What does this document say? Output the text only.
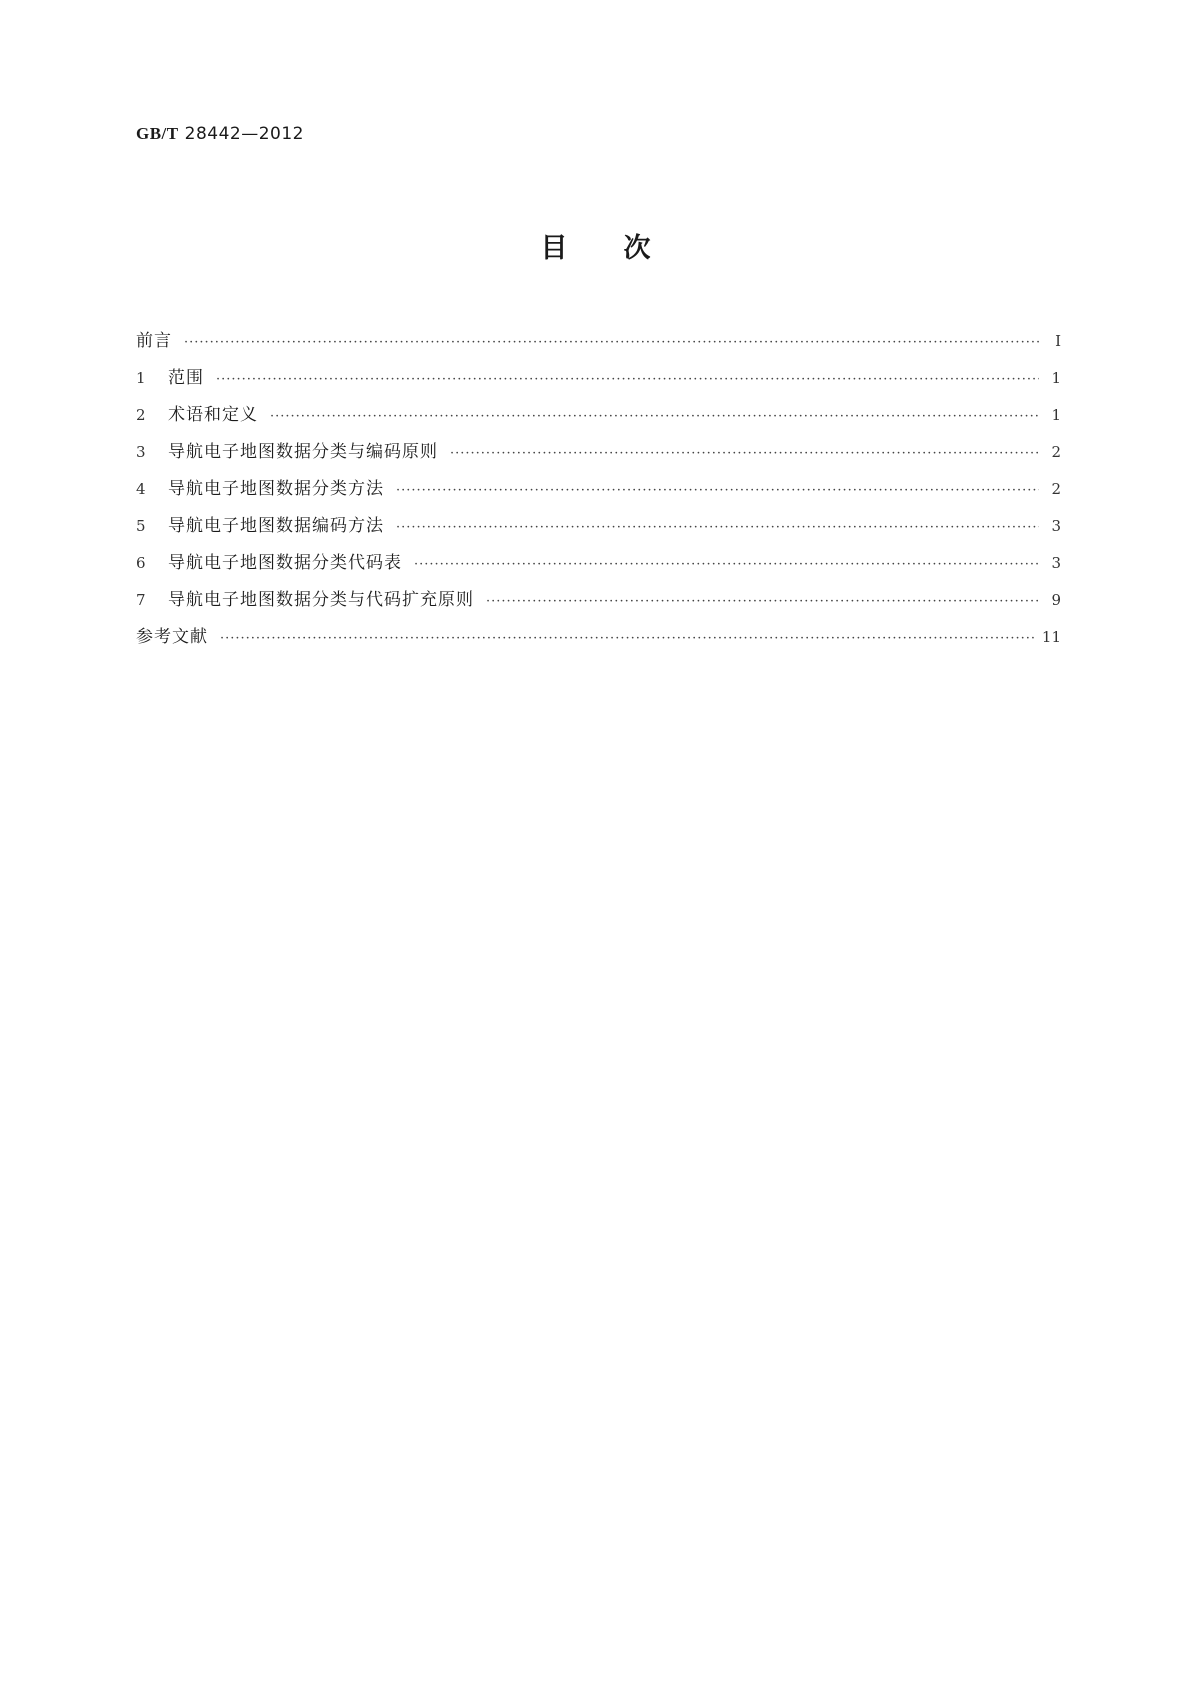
GB/T 28442—2012
目次
前言 ·····	Ⅰ
1	范围 ·····	1
2	术语和定义 ·····	1
3	导航电子地图数据分类与编码原则 ·····	2
4	导航电子地图数据分类方法 ·····	2
5	导航电子地图数据编码方法 ·····	3
6	导航电子地图数据分类代码表 ·····	3
7	导航电子地图数据分类与代码扩充原则 ·····	9
参考文献 ·····	11
